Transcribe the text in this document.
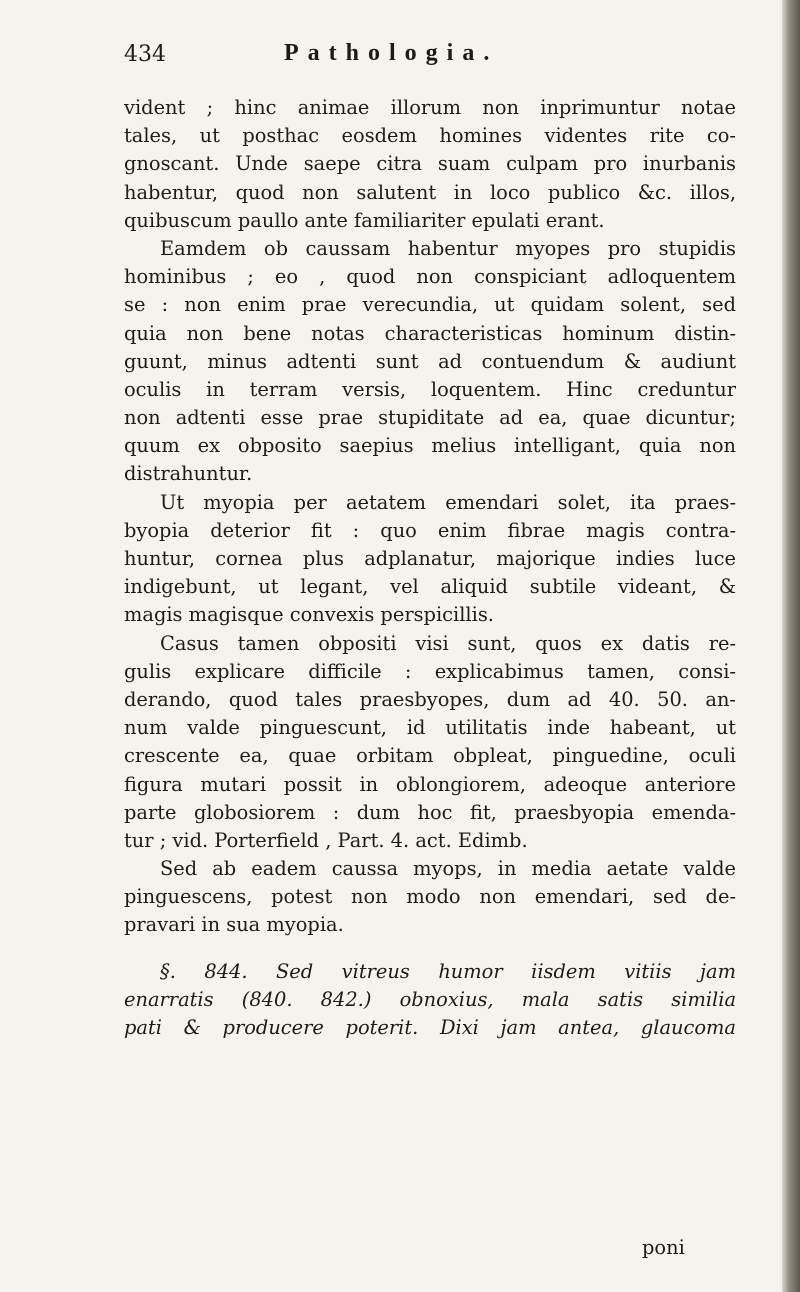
434	Pathologia.
vident ; hinc animae illorum non inprimuntur notae
tales, ut posthac eosdem homines videntes rite co-
gnoscant. Unde saepe citra suam culpam pro inurbanis
habentur, quod non salutent in loco publico &c. illos,
quibuscum paullo ante familiariter epulati erant.
Eamdem ob caussam habentur myopes pro stupidis
hominibus ; eo , quod non conspiciant adloquentem
se : non enim prae verecundia, ut quidam solent, sed
quia non bene notas characteristicas hominum distin-
guunt, minus adtenti sunt ad contuendum & audiunt
oculis in terram versis, loquentem. Hinc creduntur
non adtenti esse prae stupiditate ad ea, quae dicuntur;
quum ex obposito saepius melius intelligant, quia non
distrahuntur.
Ut myopia per aetatem emendari solet, ita praes-
byopia deterior fit : quo enim fibrae magis contra-
huntur, cornea plus adplanatur, majorique indies luce
indigebunt, ut legant, vel aliquid subtile videant, &
magis magisque convexis perspicillis.
Casus tamen obpositi visi sunt, quos ex datis re-
gulis explicare difficile : explicabimus tamen, consi-
derando, quod tales praesbyopes, dum ad 40. 50. an-
num valde pinguescunt, id utilitatis inde habeant, ut
crescente ea, quae orbitam obpleat, pinguedine, oculi
figura mutari possit in oblongiorem, adeoque anteriore
parte globosiorem : dum hoc fit, praesbyopia emenda-
tur ; vid. Porterfield , Part. 4. act. Edimb.
Sed ab eadem caussa myops, in media aetate valde
pinguescens, potest non modo non emendari, sed de-
pravari in sua myopia.
§. 844. Sed vitreus humor iisdem vitiis jam
enarratis (840. 842.) obnoxius, mala satis similia
pati & producere poterit. Dixi jam antea, glaucoma
poni
